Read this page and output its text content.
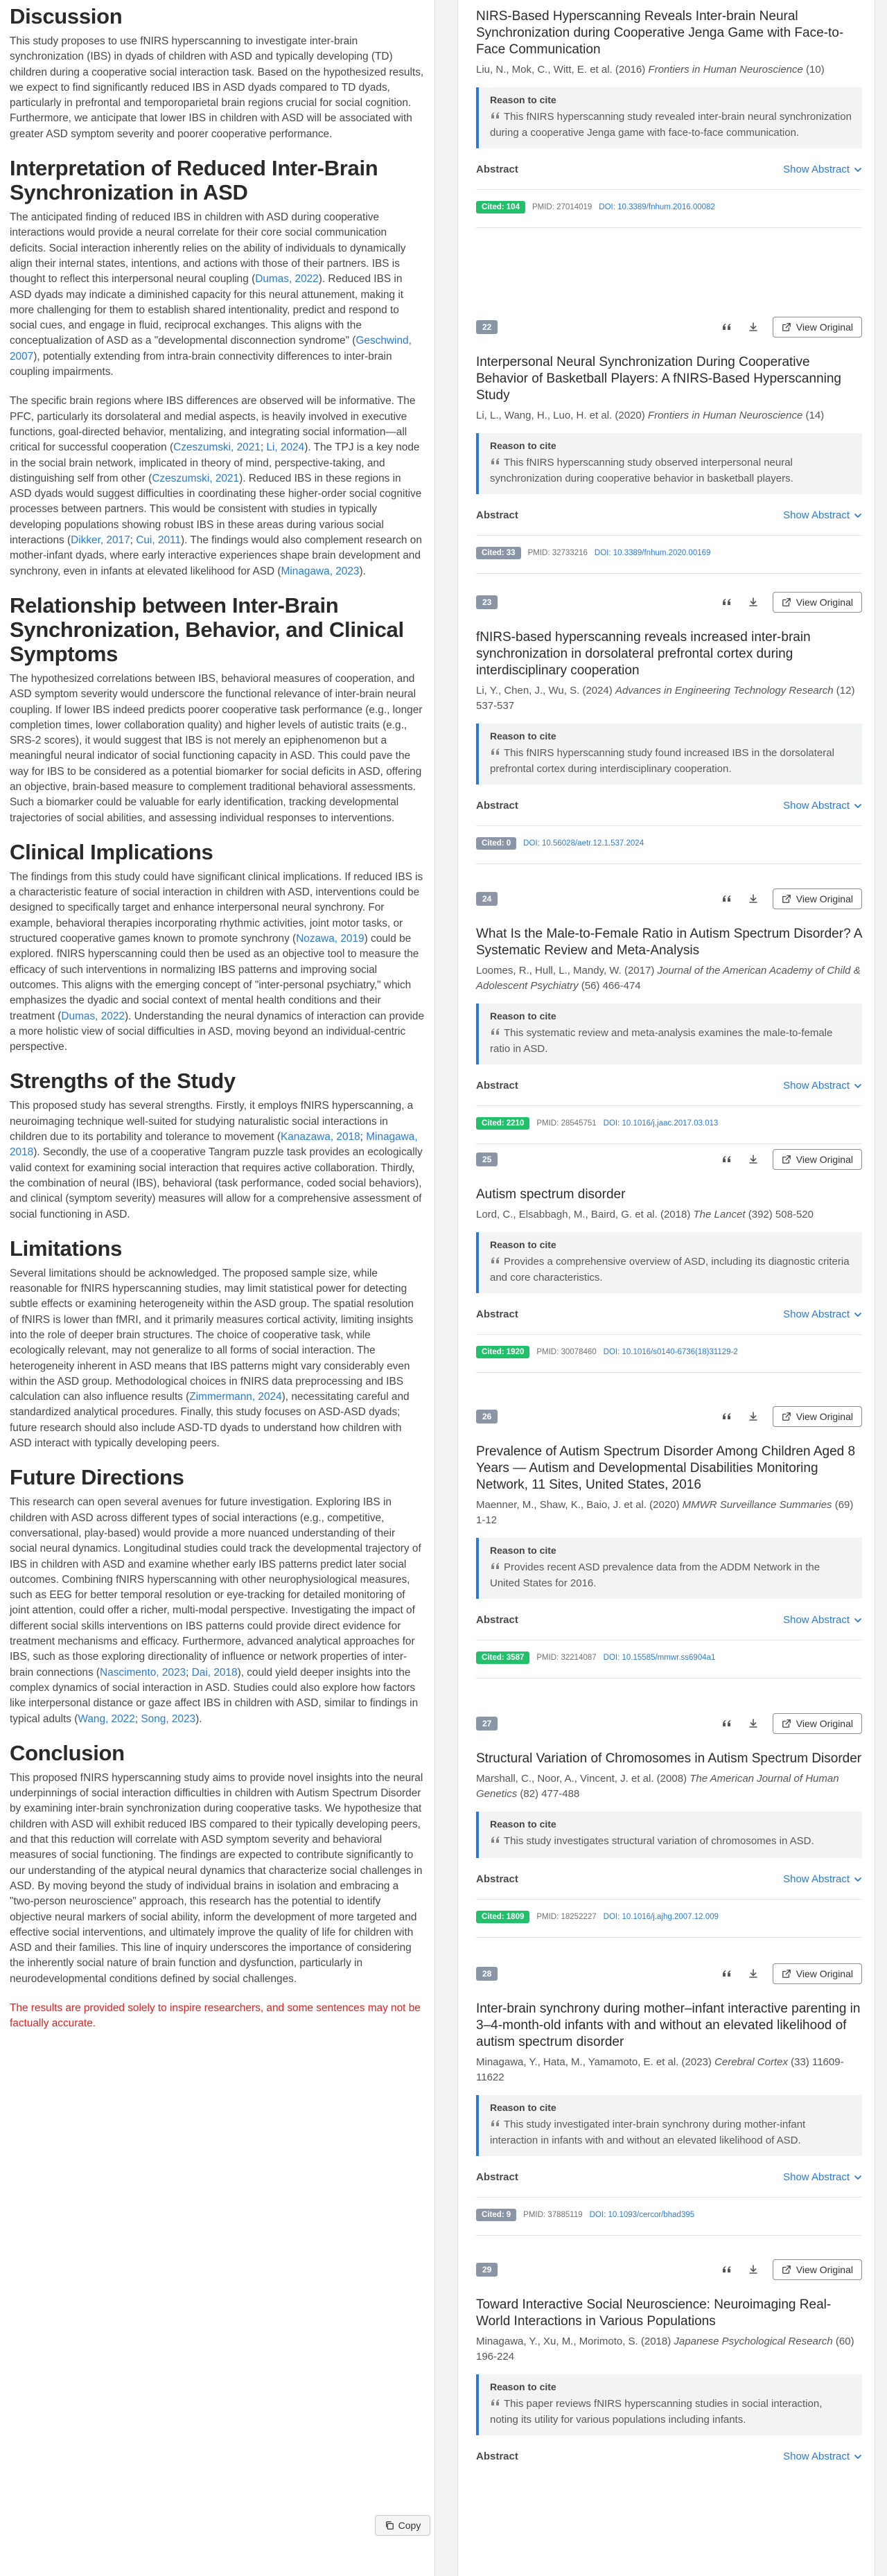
Discussion

This study proposes to use fNIRS hyperscanning to investigate inter-brain synchronization (IBS) in dyads of children with ASD and typically developing (TD) children during a cooperative social interaction task. Based on the hypothesized results, we expect to find significantly reduced IBS in ASD dyads compared to TD dyads, particularly in prefrontal and temporoparietal brain regions crucial for social cognition. Furthermore, we anticipate that lower IBS in children with ASD will be associated with greater ASD symptom severity and poorer cooperative performance.

Interpretation of Reduced Inter-Brain Synchronization in ASD

The anticipated finding of reduced IBS in children with ASD during cooperative interactions would provide a neural correlate for their core social communication deficits. Social interaction inherently relies on the ability of individuals to dynamically align their internal states, intentions, and actions with those of their partners. IBS is thought to reflect this interpersonal neural coupling (Dumas, 2022). Reduced IBS in ASD dyads may indicate a diminished capacity for this neural attunement, making it more challenging for them to establish shared intentionality, predict and respond to social cues, and engage in fluid, reciprocal exchanges. This aligns with the conceptualization of ASD as a "developmental disconnection syndrome" (Geschwind, 2007), potentially extending from intra-brain connectivity differences to inter-brain coupling impairments.

The specific brain regions where IBS differences are observed will be informative. The PFC, particularly its dorsolateral and medial aspects, is heavily involved in executive functions, goal-directed behavior, mentalizing, and integrating social information—all critical for successful cooperation (Czeszumski, 2021; Li, 2024). The TPJ is a key node in the social brain network, implicated in theory of mind, perspective-taking, and distinguishing self from other (Czeszumski, 2021). Reduced IBS in these regions in ASD dyads would suggest difficulties in coordinating these higher-order social cognitive processes between partners. This would be consistent with studies in typically developing populations showing robust IBS in these areas during various social interactions (Dikker, 2017; Cui, 2011). The findings would also complement research on mother-infant dyads, where early interactive experiences shape brain development and synchrony, even in infants at elevated likelihood for ASD (Minagawa, 2023).

Relationship between Inter-Brain Synchronization, Behavior, and Clinical Symptoms

The hypothesized correlations between IBS, behavioral measures of cooperation, and ASD symptom severity would underscore the functional relevance of inter-brain neural coupling. If lower IBS indeed predicts poorer cooperative task performance (e.g., longer completion times, lower collaboration quality) and higher levels of autistic traits (e.g., SRS-2 scores), it would suggest that IBS is not merely an epiphenomenon but a meaningful neural indicator of social functioning capacity in ASD. This could pave the way for IBS to be considered as a potential biomarker for social deficits in ASD, offering an objective, brain-based measure to complement traditional behavioral assessments. Such a biomarker could be valuable for early identification, tracking developmental trajectories of social abilities, and assessing individual responses to interventions.

Clinical Implications

The findings from this study could have significant clinical implications. If reduced IBS is a characteristic feature of social interaction in children with ASD, interventions could be designed to specifically target and enhance interpersonal neural synchrony. For example, behavioral therapies incorporating rhythmic activities, joint motor tasks, or structured cooperative games known to promote synchrony (Nozawa, 2019) could be explored. fNIRS hyperscanning could then be used as an objective tool to measure the efficacy of such interventions in normalizing IBS patterns and improving social outcomes. This aligns with the emerging concept of "inter-personal psychiatry," which emphasizes the dyadic and social context of mental health conditions and their treatment (Dumas, 2022). Understanding the neural dynamics of interaction can provide a more holistic view of social difficulties in ASD, moving beyond an individual-centric perspective.

Strengths of the Study

This proposed study has several strengths. Firstly, it employs fNIRS hyperscanning, a neuroimaging technique well-suited for studying naturalistic social interactions in children due to its portability and tolerance to movement (Kanazawa, 2018; Minagawa, 2018). Secondly, the use of a cooperative Tangram puzzle task provides an ecologically valid context for examining social interaction that requires active collaboration. Thirdly, the combination of neural (IBS), behavioral (task performance, coded social behaviors), and clinical (symptom severity) measures will allow for a comprehensive assessment of social functioning in ASD.

Limitations

Several limitations should be acknowledged. The proposed sample size, while reasonable for fNIRS hyperscanning studies, may limit statistical power for detecting subtle effects or examining heterogeneity within the ASD group. The spatial resolution of fNIRS is lower than fMRI, and it primarily measures cortical activity, limiting insights into the role of deeper brain structures. The choice of cooperative task, while ecologically relevant, may not generalize to all forms of social interaction. The heterogeneity inherent in ASD means that IBS patterns might vary considerably even within the ASD group. Methodological choices in fNIRS data preprocessing and IBS calculation can also influence results (Zimmermann, 2024), necessitating careful and standardized analytical procedures. Finally, this study focuses on ASD-ASD dyads; future research should also include ASD-TD dyads to understand how children with ASD interact with typically developing peers.

Future Directions

This research can open several avenues for future investigation. Exploring IBS in children with ASD across different types of social interactions (e.g., competitive, conversational, play-based) would provide a more nuanced understanding of their social neural dynamics. Longitudinal studies could track the developmental trajectory of IBS in children with ASD and examine whether early IBS patterns predict later social outcomes. Combining fNIRS hyperscanning with other neurophysiological measures, such as EEG for better temporal resolution or eye-tracking for detailed monitoring of joint attention, could offer a richer, multi-modal perspective. Investigating the impact of different social skills interventions on IBS patterns could provide direct evidence for treatment mechanisms and efficacy. Furthermore, advanced analytical approaches for IBS, such as those exploring directionality of influence or network properties of inter-brain connections (Nascimento, 2023; Dai, 2018), could yield deeper insights into the complex dynamics of social interaction in ASD. Studies could also explore how factors like interpersonal distance or gaze affect IBS in children with ASD, similar to findings in typical adults (Wang, 2022; Song, 2023).

Conclusion

This proposed fNIRS hyperscanning study aims to provide novel insights into the neural underpinnings of social interaction difficulties in children with Autism Spectrum Disorder by examining inter-brain synchronization during cooperative tasks. We hypothesize that children with ASD will exhibit reduced IBS compared to their typically developing peers, and that this reduction will correlate with ASD symptom severity and behavioral measures of social functioning. The findings are expected to contribute significantly to our understanding of the atypical neural dynamics that characterize social challenges in ASD. By moving beyond the study of individual brains in isolation and embracing a "two-person neuroscience" approach, this research has the potential to identify objective neural markers of social ability, inform the development of more targeted and effective social interventions, and ultimately improve the quality of life for children with ASD and their families. This line of inquiry underscores the importance of considering the inherently social nature of brain function and dysfunction, particularly in neurodevelopmental conditions defined by social challenges.

The results are provided solely to inspire researchers, and some sentences may not be factually accurate.

Copy
NIRS-Based Hyperscanning Reveals Inter-brain Neural Synchronization during Cooperative Jenga Game with Face-to-Face Communication
Liu, N., Mok, C., Witt, E. et al. (2016) Frontiers in Human Neuroscience (10)
Reason to cite
This fNIRS hyperscanning study revealed inter-brain neural synchronization during a cooperative Jenga game with face-to-face communication.
Abstract	Show Abstract
Cited: 104	PMID: 27014019 DOI: 10.3389/fnhum.2016.00082
22	View Original
Interpersonal Neural Synchronization During Cooperative Behavior of Basketball Players: A fNIRS-Based Hyperscanning Study
Li, L., Wang, H., Luo, H. et al. (2020) Frontiers in Human Neuroscience (14)
Reason to cite
This fNIRS hyperscanning study observed interpersonal neural synchronization during cooperative behavior in basketball players.
Abstract	Show Abstract
Cited: 33	PMID: 32733216 DOI: 10.3389/fnhum.2020.00169
23	View Original
fNIRS-based hyperscanning reveals increased inter-brain synchronization in dorsolateral prefrontal cortex during interdisciplinary cooperation
Li, Y., Chen, J., Wu, S. (2024) Advances in Engineering Technology Research (12) 537-537
Reason to cite
This fNIRS hyperscanning study found increased IBS in the dorsolateral prefrontal cortex during interdisciplinary cooperation.
Abstract	Show Abstract
Cited: 0	DOI: 10.56028/aetr.12.1.537.2024
24	View Original
What Is the Male-to-Female Ratio in Autism Spectrum Disorder? A Systematic Review and Meta-Analysis
Loomes, R., Hull, L., Mandy, W. (2017) Journal of the American Academy of Child & Adolescent Psychiatry (56) 466-474
Reason to cite
This systematic review and meta-analysis examines the male-to-female ratio in ASD.
Abstract	Show Abstract
Cited: 2210	PMID: 28545751 DOI: 10.1016/j.jaac.2017.03.013
25	View Original
Autism spectrum disorder
Lord, C., Elsabbagh, M., Baird, G. et al. (2018) The Lancet (392) 508-520
Reason to cite
Provides a comprehensive overview of ASD, including its diagnostic criteria and core characteristics.
Abstract	Show Abstract
Cited: 1920	PMID: 30078460 DOI: 10.1016/s0140-6736(18)31129-2
26	View Original
Prevalence of Autism Spectrum Disorder Among Children Aged 8 Years — Autism and Developmental Disabilities Monitoring Network, 11 Sites, United States, 2016
Maenner, M., Shaw, K., Baio, J. et al. (2020) MMWR Surveillance Summaries (69) 1-12
Reason to cite
Provides recent ASD prevalence data from the ADDM Network in the United States for 2016.
Abstract	Show Abstract
Cited: 3587	PMID: 32214087 DOI: 10.15585/mmwr.ss6904a1
27	View Original
Structural Variation of Chromosomes in Autism Spectrum Disorder
Marshall, C., Noor, A., Vincent, J. et al. (2008) The American Journal of Human Genetics (82) 477-488
Reason to cite
This study investigates structural variation of chromosomes in ASD.
Abstract	Show Abstract
Cited: 1809	PMID: 18252227 DOI: 10.1016/j.ajhg.2007.12.009
28	View Original
Inter-brain synchrony during mother–infant interactive parenting in 3–4-month-old infants with and without an elevated likelihood of autism spectrum disorder
Minagawa, Y., Hata, M., Yamamoto, E. et al. (2023) Cerebral Cortex (33) 11609-11622
Reason to cite
This study investigated inter-brain synchrony during mother-infant interaction in infants with and without an elevated likelihood of ASD.
Abstract	Show Abstract
Cited: 9	PMID: 37885119 DOI: 10.1093/cercor/bhad395
29	View Original
Toward Interactive Social Neuroscience: Neuroimaging Real-World Interactions in Various Populations
Minagawa, Y., Xu, M., Morimoto, S. (2018) Japanese Psychological Research (60) 196-224
Reason to cite
This paper reviews fNIRS hyperscanning studies in social interaction, noting its utility for various populations including infants.
Abstract	Show Abstract
